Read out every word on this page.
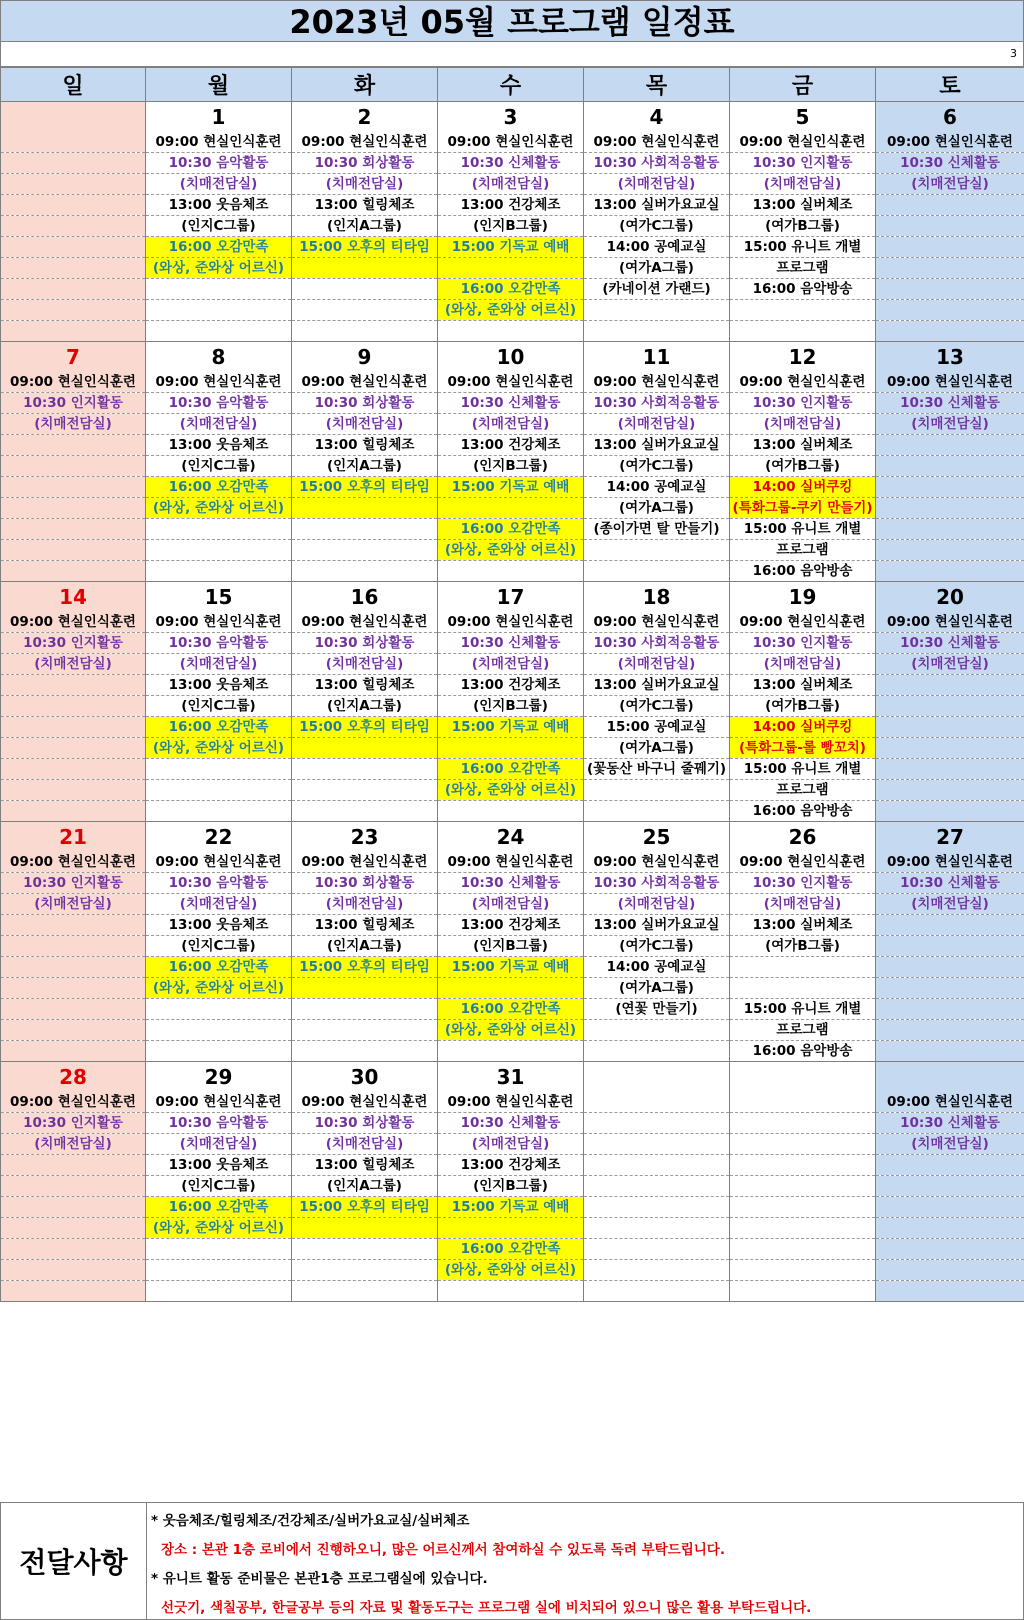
2023년 05월 프로그램 일정표
3
일	월	화	수	목	금	토
	1	2	3	4	5	6
	09:00 현실인식훈련	09:00 현실인식훈련	09:00 현실인식훈련	09:00 현실인식훈련	09:00 현실인식훈련	09:00 현실인식훈련
	10:30 음악활동	10:30 회상활동	10:30 신체활동	10:30 사회적응활동	10:30 인지활동	10:30 신체활동
	(치매전담실)	(치매전담실)	(치매전담실)	(치매전담실)	(치매전담실)	(치매전담실)
	13:00 웃음체조	13:00 힐링체조	13:00 건강체조	13:00 실버가요교실	13:00 실버체조	
	(인지C그룹)	(인지A그룹)	(인지B그룹)	(여가C그룹)	(여가B그룹)	
	16:00 오감만족	15:00 오후의 티타임	15:00 기독교 예배	14:00 공예교실	15:00 유니트 개별	
	(와상, 준와상 어르신)			(여가A그룹)	프로그램	
			16:00 오감만족	(카네이션 가랜드)	16:00 음악방송	
			(와상, 준와상 어르신)			

7	8	9	10	11	12	13
09:00 현실인식훈련	09:00 현실인식훈련	09:00 현실인식훈련	09:00 현실인식훈련	09:00 현실인식훈련	09:00 현실인식훈련	09:00 현실인식훈련
10:30 인지활동	10:30 음악활동	10:30 회상활동	10:30 신체활동	10:30 사회적응활동	10:30 인지활동	10:30 신체활동
(치매전담실)	(치매전담실)	(치매전담실)	(치매전담실)	(치매전담실)	(치매전담실)	(치매전담실)
	13:00 웃음체조	13:00 힐링체조	13:00 건강체조	13:00 실버가요교실	13:00 실버체조	
	(인지C그룹)	(인지A그룹)	(인지B그룹)	(여가C그룹)	(여가B그룹)	
	16:00 오감만족	15:00 오후의 티타임	15:00 기독교 예배	14:00 공예교실	14:00 실버쿠킹	
	(와상, 준와상 어르신)			(여가A그룹)	(특화그룹-쿠키 만들기)	
			16:00 오감만족	(종이가면 탈 만들기)	15:00 유니트 개별	
			(와상, 준와상 어르신)		프로그램	
					16:00 음악방송	
14	15	16	17	18	19	20
09:00 현실인식훈련	09:00 현실인식훈련	09:00 현실인식훈련	09:00 현실인식훈련	09:00 현실인식훈련	09:00 현실인식훈련	09:00 현실인식훈련
10:30 인지활동	10:30 음악활동	10:30 회상활동	10:30 신체활동	10:30 사회적응활동	10:30 인지활동	10:30 신체활동
(치매전담실)	(치매전담실)	(치매전담실)	(치매전담실)	(치매전담실)	(치매전담실)	(치매전담실)
	13:00 웃음체조	13:00 힐링체조	13:00 건강체조	13:00 실버가요교실	13:00 실버체조	
	(인지C그룹)	(인지A그룹)	(인지B그룹)	(여가C그룹)	(여가B그룹)	
	16:00 오감만족	15:00 오후의 티타임	15:00 기독교 예배	15:00 공예교실	14:00 실버쿠킹	
	(와상, 준와상 어르신)			(여가A그룹)	(특화그룹-롤 빵꼬치)	
			16:00 오감만족	(꽃동산 바구니 줄꿰기)	15:00 유니트 개별	
			(와상, 준와상 어르신)		프로그램	
					16:00 음악방송	
21	22	23	24	25	26	27
09:00 현실인식훈련	09:00 현실인식훈련	09:00 현실인식훈련	09:00 현실인식훈련	09:00 현실인식훈련	09:00 현실인식훈련	09:00 현실인식훈련
10:30 인지활동	10:30 음악활동	10:30 회상활동	10:30 신체활동	10:30 사회적응활동	10:30 인지활동	10:30 신체활동
(치매전담실)	(치매전담실)	(치매전담실)	(치매전담실)	(치매전담실)	(치매전담실)	(치매전담실)
	13:00 웃음체조	13:00 힐링체조	13:00 건강체조	13:00 실버가요교실	13:00 실버체조	
	(인지C그룹)	(인지A그룹)	(인지B그룹)	(여가C그룹)	(여가B그룹)	
	16:00 오감만족	15:00 오후의 티타임	15:00 기독교 예배	14:00 공예교실		
	(와상, 준와상 어르신)			(여가A그룹)		
			16:00 오감만족	(연꽃 만들기)	15:00 유니트 개별	
			(와상, 준와상 어르신)		프로그램	
					16:00 음악방송	
28	29	30	31			
09:00 현실인식훈련	09:00 현실인식훈련	09:00 현실인식훈련	09:00 현실인식훈련			09:00 현실인식훈련
10:30 인지활동	10:30 음악활동	10:30 회상활동	10:30 신체활동			10:30 신체활동
(치매전담실)	(치매전담실)	(치매전담실)	(치매전담실)			(치매전담실)
	13:00 웃음체조	13:00 힐링체조	13:00 건강체조			
	(인지C그룹)	(인지A그룹)	(인지B그룹)			
	16:00 오감만족	15:00 오후의 티타임	15:00 기독교 예배			
	(와상, 준와상 어르신)					
			16:00 오감만족			
			(와상, 준와상 어르신)			

전달사항
* 웃음체조/힐링체조/건강체조/실버가요교실/실버체조
장소 : 본관 1층 로비에서 진행하오니, 많은 어르신께서 참여하실 수 있도록 독려 부탁드립니다.
* 유니트 활동 준비물은 본관1층 프로그램실에 있습니다.
선긋기, 색칠공부, 한글공부 등의 자료 및 활동도구는 프로그램 실에 비치되어 있으니 많은 활용 부탁드립니다.
